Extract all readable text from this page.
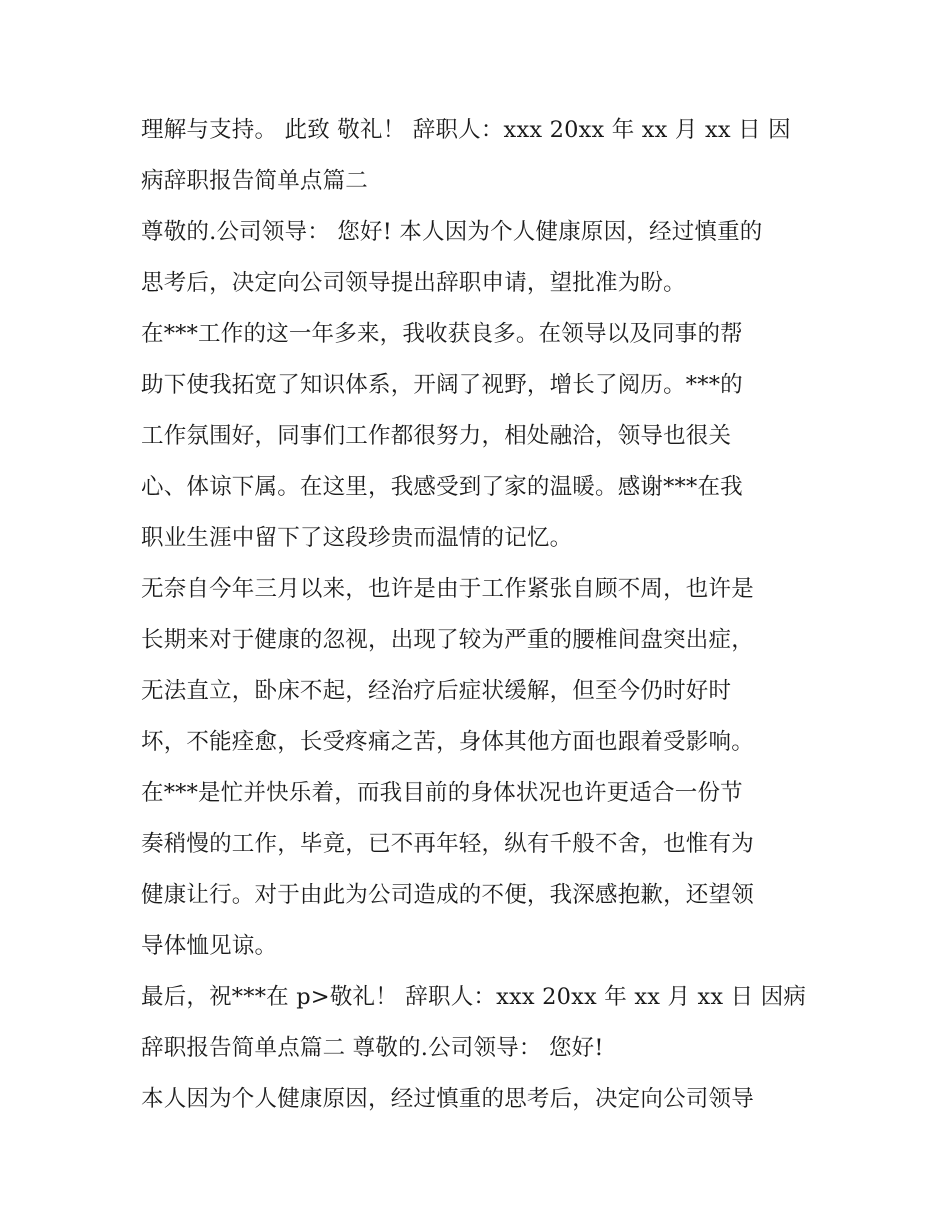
理解与支持。 此致 敬礼！ 辞职人：xxx 20xx 年 xx 月 xx 日 因
病辞职报告简单点篇二
尊敬的.公司领导： 您好! 本人因为个人健康原因，经过慎重的
思考后，决定向公司领导提出辞职申请，望批准为盼。
在***工作的这一年多来，我收获良多。在领导以及同事的帮
助下使我拓宽了知识体系，开阔了视野，增长了阅历。***的
工作氛围好，同事们工作都很努力，相处融洽，领导也很关
心、体谅下属。在这里，我感受到了家的温暖。感谢***在我
职业生涯中留下了这段珍贵而温情的记忆。
无奈自今年三月以来，也许是由于工作紧张自顾不周，也许是
长期来对于健康的忽视，出现了较为严重的腰椎间盘突出症，
无法直立，卧床不起，经治疗后症状缓解，但至今仍时好时
坏，不能痊愈，长受疼痛之苦，身体其他方面也跟着受影响。
在***是忙并快乐着，而我目前的身体状况也许更适合一份节
奏稍慢的工作，毕竟，已不再年轻，纵有千般不舍，也惟有为
健康让行。对于由此为公司造成的不便，我深感抱歉，还望领
导体恤见谅。
最后，祝***在 p>敬礼！ 辞职人：xxx 20xx 年 xx 月 xx 日 因病
辞职报告简单点篇二 尊敬的.公司领导： 您好!
本人因为个人健康原因，经过慎重的思考后，决定向公司领导
